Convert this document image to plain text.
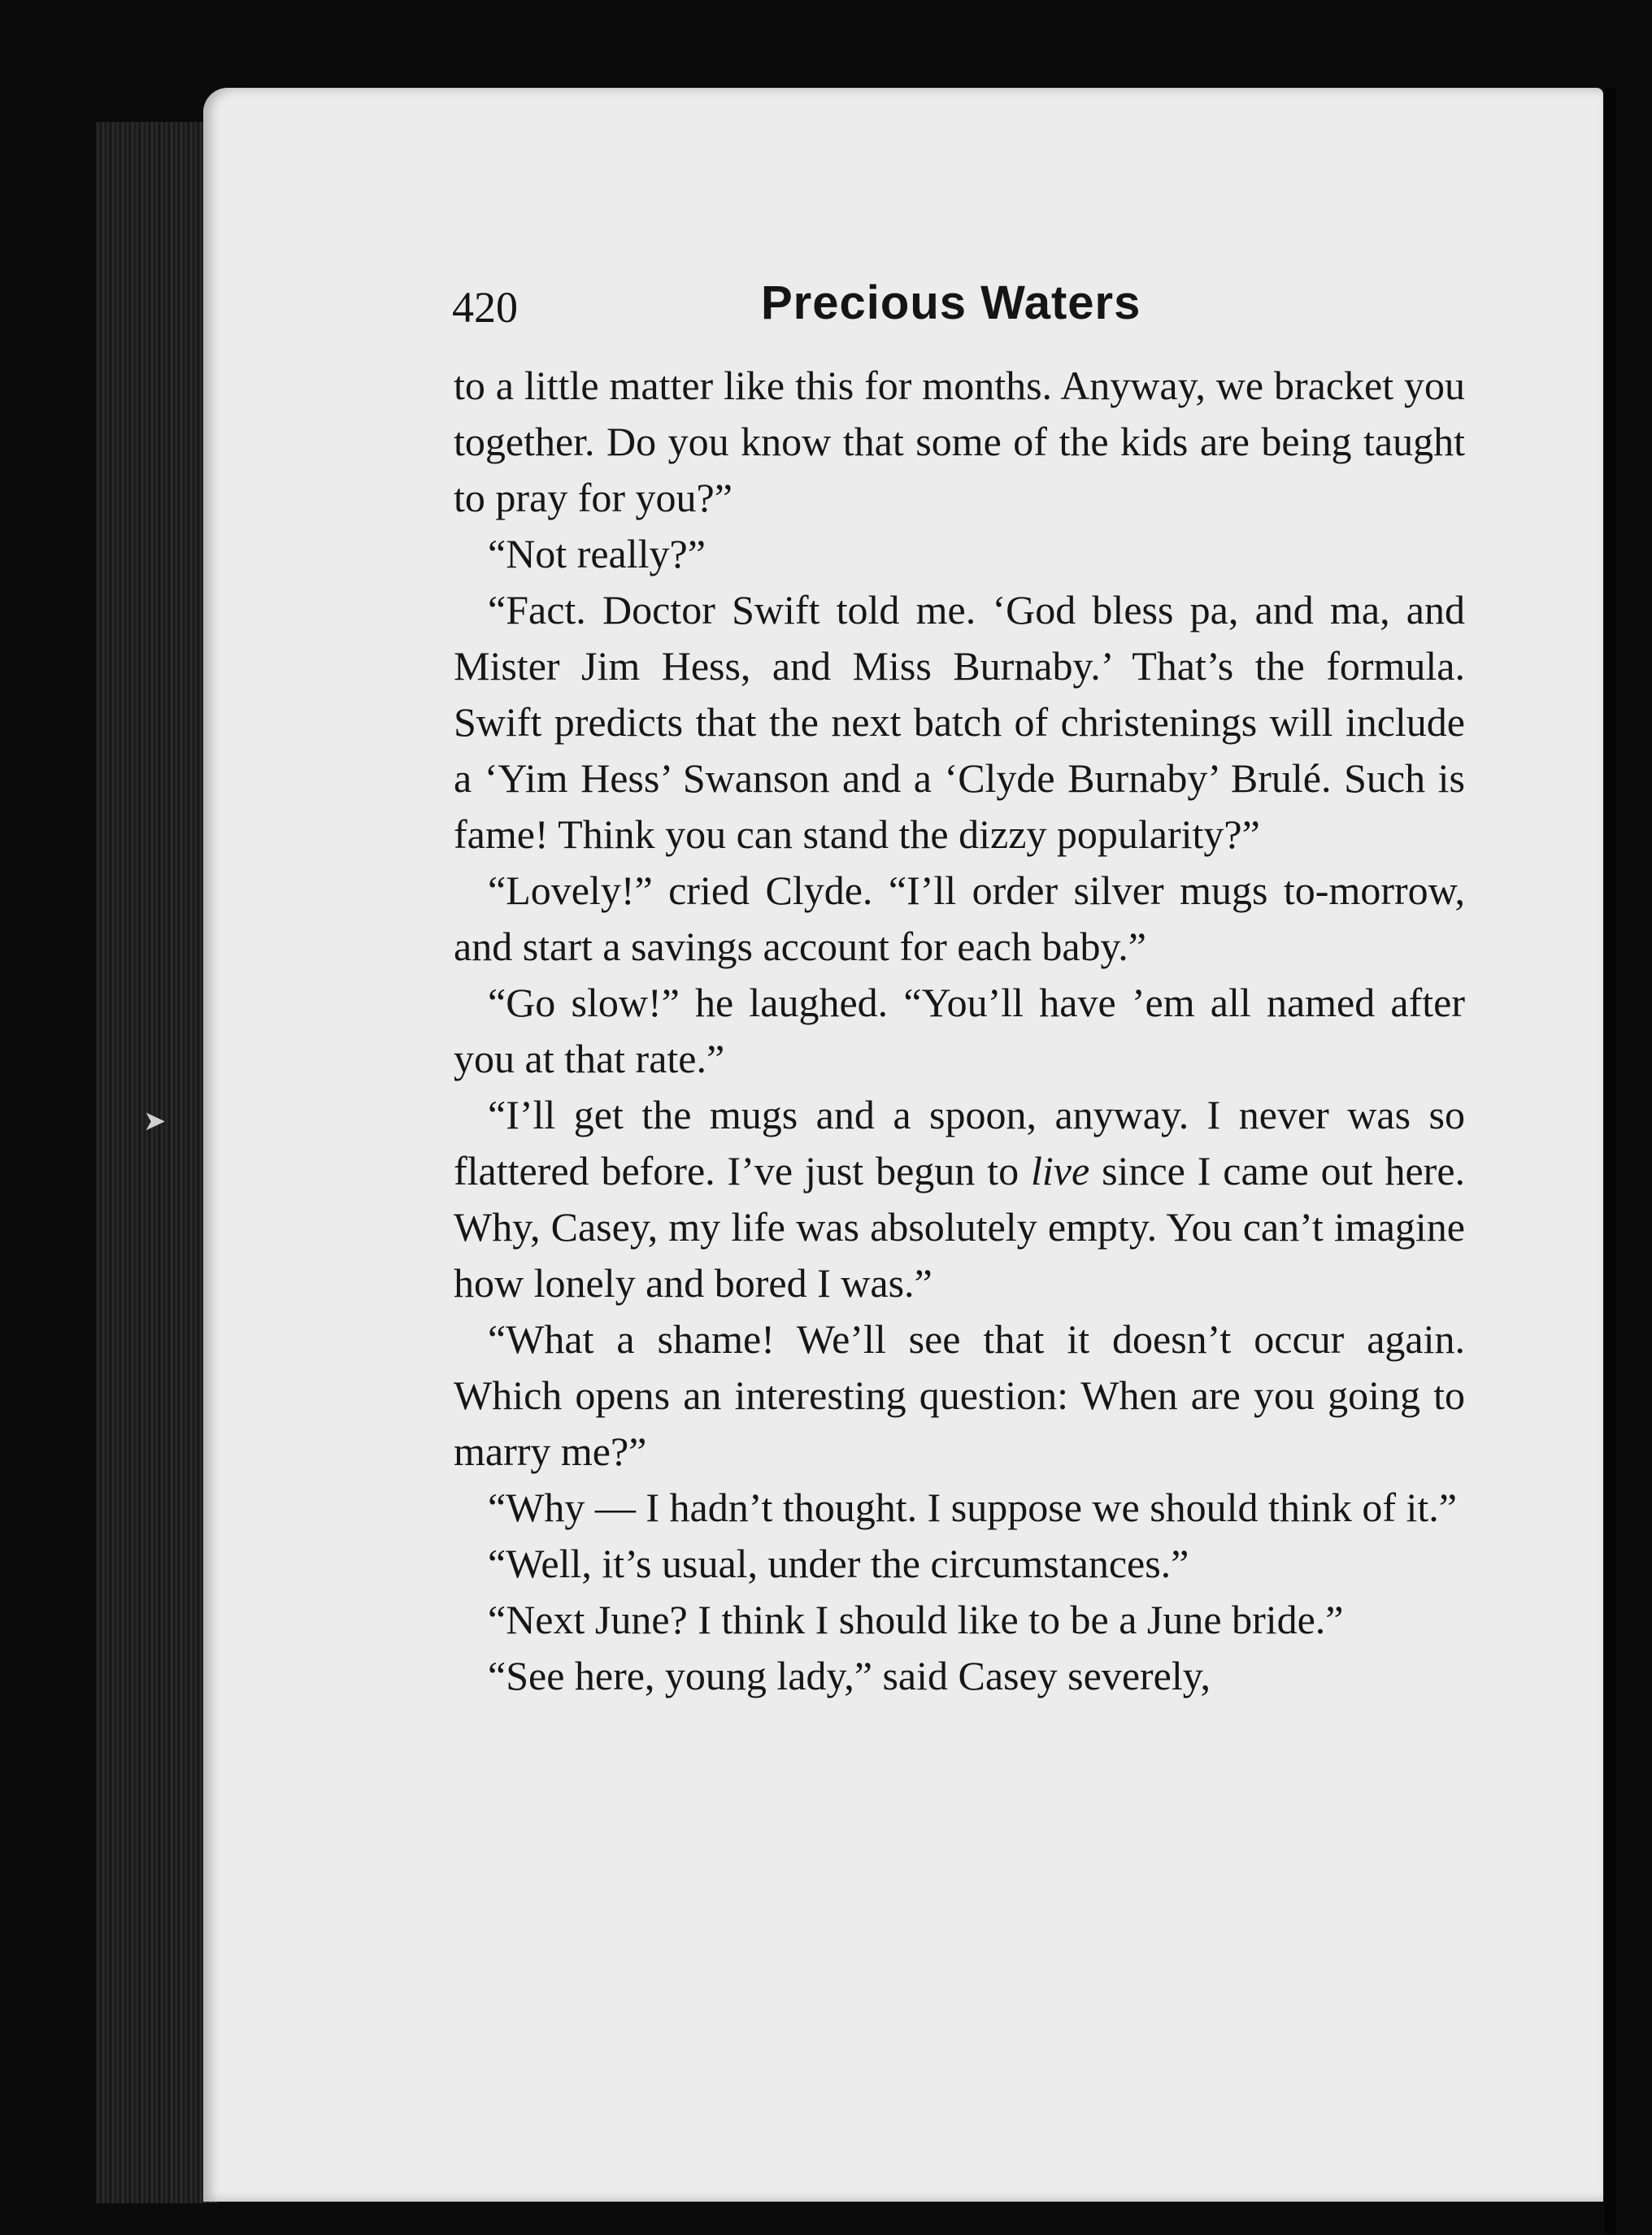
➤
420	Precious Waters

to a little matter like this for months. Anyway, we bracket you together. Do you know that some of the kids are being taught to pray for you?”

“Not really?”

“Fact. Doctor Swift told me. ‘God bless pa, and ma, and Mister Jim Hess, and Miss Burnaby.’ That’s the formula. Swift predicts that the next batch of christenings will include a ‘Yim Hess’ Swanson and a ‘Clyde Burnaby’ Brulé. Such is fame! Think you can stand the dizzy popularity?”

“Lovely!” cried Clyde. “I’ll order silver mugs to-morrow, and start a savings account for each baby.”

“Go slow!” he laughed. “You’ll have ’em all named after you at that rate.”

“I’ll get the mugs and a spoon, anyway. I never was so flattered before. I’ve just begun to live since I came out here. Why, Casey, my life was absolutely empty. You can’t imagine how lonely and bored I was.”

“What a shame! We’ll see that it doesn’t occur again. Which opens an interesting question: When are you going to marry me?”

“Why — I hadn’t thought. I suppose we should think of it.”

“Well, it’s usual, under the circumstances.”

“Next June? I think I should like to be a June bride.”

“See here, young lady,” said Casey severely,
